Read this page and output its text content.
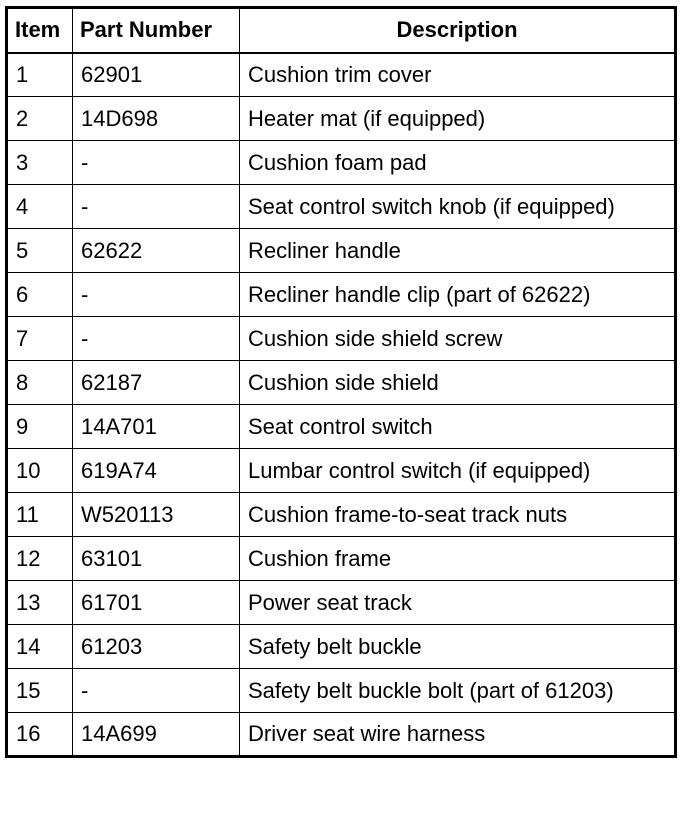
Item	Part Number	Description
1	62901	Cushion trim cover
2	14D698	Heater mat (if equipped)
3	-	Cushion foam pad
4	-	Seat control switch knob (if equipped)
5	62622	Recliner handle
6	-	Recliner handle clip (part of 62622)
7	-	Cushion side shield screw
8	62187	Cushion side shield
9	14A701	Seat control switch
10	619A74	Lumbar control switch (if equipped)
11	W520113	Cushion frame-to-seat track nuts
12	63101	Cushion frame
13	61701	Power seat track
14	61203	Safety belt buckle
15	-	Safety belt buckle bolt (part of 61203)
16	14A699	Driver seat wire harness
